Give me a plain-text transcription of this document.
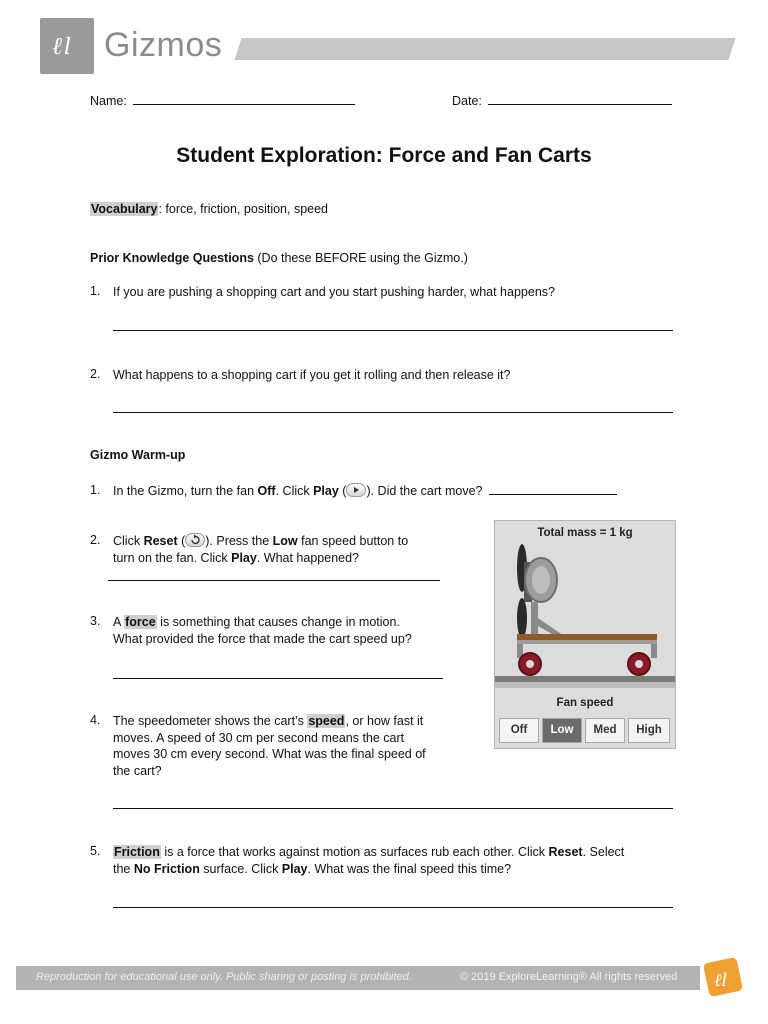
ℓ l Gizmos
Name:	Date:
Student Exploration: Force and Fan Carts
Vocabulary: force, friction, position, speed
Prior Knowledge Questions (Do these BEFORE using the Gizmo.)
1. If you are pushing a shopping cart and you start pushing harder, what happens?
2. What happens to a shopping cart if you get it rolling and then release it?
Gizmo Warm-up
1. In the Gizmo, turn the fan Off. Click Play ( ). Did the cart move?
2. Click Reset ( ). Press the Low fan speed button to
turn on the fan. Click Play. What happened?
3. A force is something that causes change in motion.
What provided the force that made the cart speed up?
4. The speedometer shows the cart’s speed, or how fast it
moves. A speed of 30 cm per second means the cart
moves 30 cm every second. What was the final speed of
the cart?
5. Friction is a force that works against motion as surfaces rub each other. Click Reset. Select
the No Friction surface. Click Play. What was the final speed this time?
Total mass = 1 kg
Fan speed
Off	Low	Med	High
Reproduction for educational use only. Public sharing or posting is prohibited.	© 2019 ExploreLearning® All rights reserved ℓl
